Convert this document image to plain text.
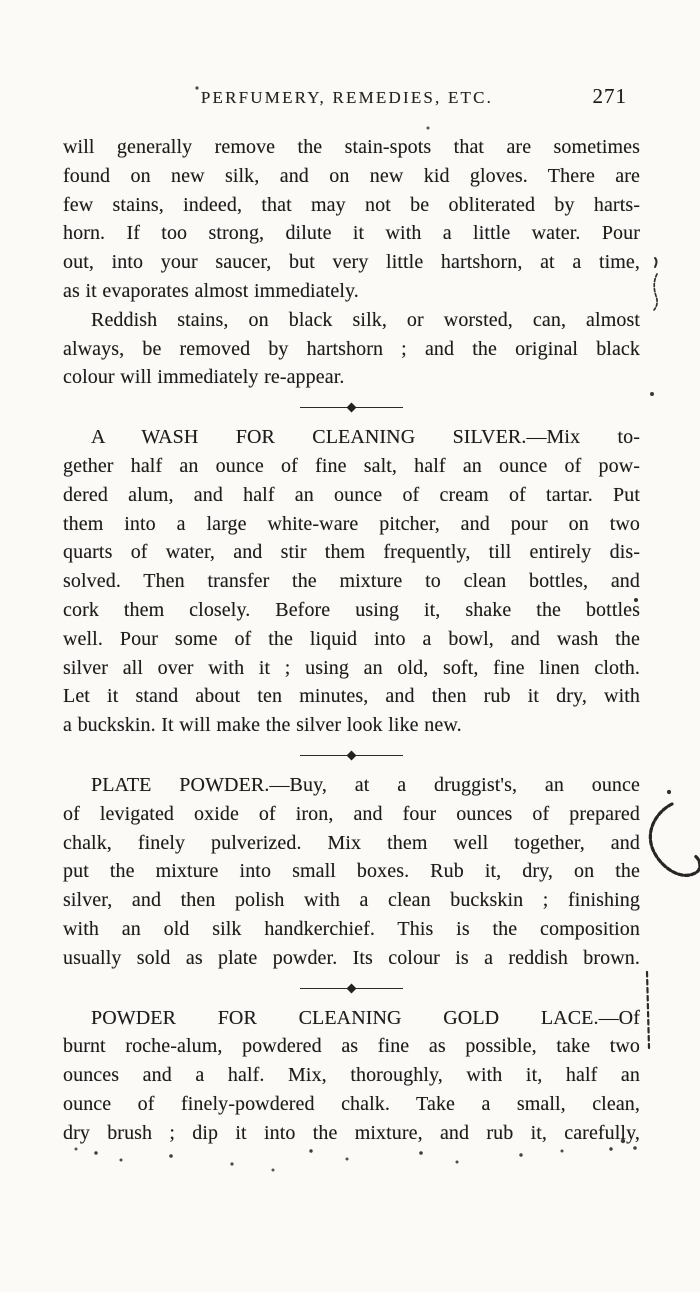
PERFUMERY, REMEDIES, ETC.	271
will generally remove the stain-spots that are sometimes
found on new silk, and on new kid gloves. There are
few stains, indeed, that may not be obliterated by harts-
horn. If too strong, dilute it with a little water. Pour
out, into your saucer, but very little hartshorn, at a time,
as it evaporates almost immediately.
Reddish stains, on black silk, or worsted, can, almost
always, be removed by hartshorn ; and the original black
colour will immediately re-appear.
A WASH FOR CLEANING SILVER.—Mix to-
gether half an ounce of fine salt, half an ounce of pow-
dered alum, and half an ounce of cream of tartar. Put
them into a large white-ware pitcher, and pour on two
quarts of water, and stir them frequently, till entirely dis-
solved. Then transfer the mixture to clean bottles, and
cork them closely. Before using it, shake the bottles
well. Pour some of the liquid into a bowl, and wash the
silver all over with it ; using an old, soft, fine linen cloth.
Let it stand about ten minutes, and then rub it dry, with
a buckskin. It will make the silver look like new.
PLATE POWDER.—Buy, at a druggist's, an ounce
of levigated oxide of iron, and four ounces of prepared
chalk, finely pulverized. Mix them well together, and
put the mixture into small boxes. Rub it, dry, on the
silver, and then polish with a clean buckskin ; finishing
with an old silk handkerchief. This is the composition
usually sold as plate powder. Its colour is a reddish brown.
POWDER FOR CLEANING GOLD LACE.—Of
burnt roche-alum, powdered as fine as possible, take two
ounces and a half. Mix, thoroughly, with it, half an
ounce of finely-powdered chalk. Take a small, clean,
dry brush ; dip it into the mixture, and rub it, carefully,
